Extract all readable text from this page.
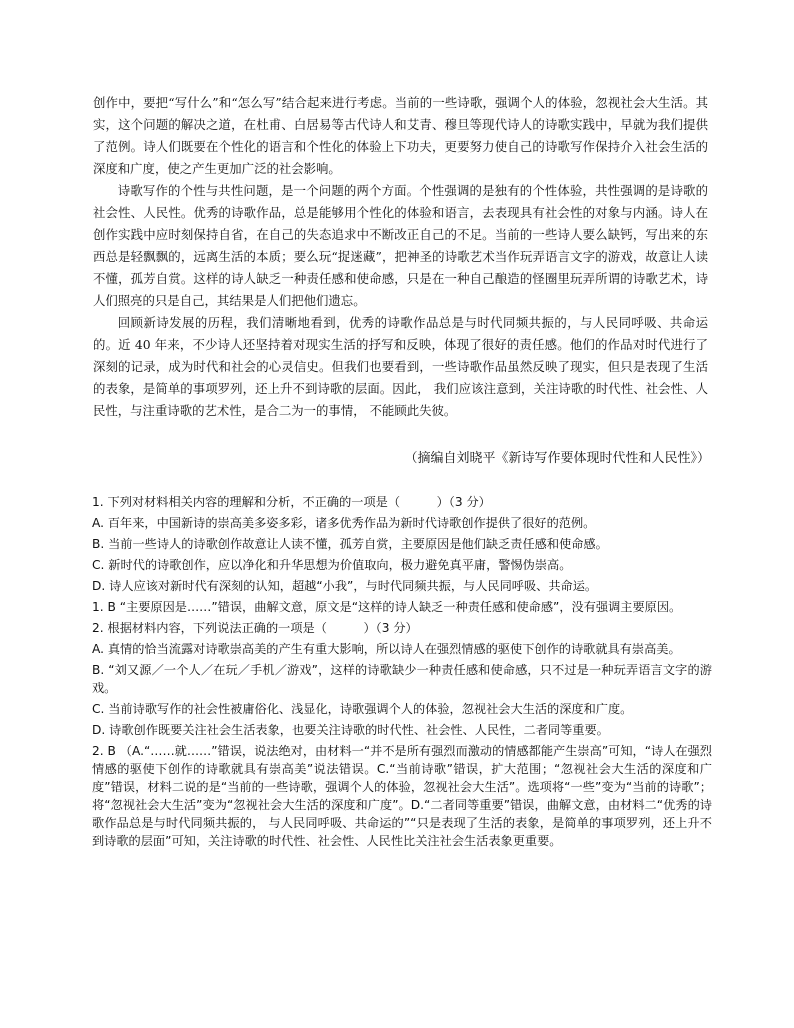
创作中，要把“写什么”和“怎么写”结合起来进行考虑。当前的一些诗歌，强调个人的体验，忽视社会大生活。其实，这个问题的解决之道，在杜甫、白居易等古代诗人和艾青、穆旦等现代诗人的诗歌实践中，早就为我们提供了范例。诗人们既要在个性化的语言和个性化的体验上下功夫，更要努力使自己的诗歌写作保持介入社会生活的深度和广度，使之产生更加广泛的社会影响。

诗歌写作的个性与共性问题，是一个问题的两个方面。个性强调的是独有的个性体验，共性强调的是诗歌的社会性、人民性。优秀的诗歌作品，总是能够用个性化的体验和语言，去表现具有社会性的对象与内涵。诗人在创作实践中应时刻保持自省，在自己的失态追求中不断改正自己的不足。当前的一些诗人要么缺钙，写出来的东西总是轻飘飘的，远离生活的本质；要么玩“捉迷藏”，把神圣的诗歌艺术当作玩弄语言文字的游戏，故意让人读不懂，孤芳自赏。这样的诗人缺乏一种责任感和使命感，只是在一种自己酿造的怪圈里玩弄所谓的诗歌艺术，诗人们照亮的只是自己，其结果是人们把他们遗忘。

回顾新诗发展的历程，我们清晰地看到，优秀的诗歌作品总是与时代同频共振的，与人民同呼吸、共命运的。近 40 年来，不少诗人还坚持着对现实生活的抒写和反映，体现了很好的责任感。他们的作品对时代进行了深刻的记录，成为时代和社会的心灵信史。但我们也要看到，一些诗歌作品虽然反映了现实，但只是表现了生活的表象，是简单的事项罗列，还上升不到诗歌的层面。因此， 我们应该注意到，关注诗歌的时代性、社会性、人民性，与注重诗歌的艺术性，是合二为一的事情， 不能顾此失彼。

（摘编自刘晓平《新诗写作要体现时代性和人民性》）

1. 下列对材料相关内容的理解和分析，不正确的一项是（　　　）（3 分）

A. 百年来，中国新诗的崇高美多姿多彩，诸多优秀作品为新时代诗歌创作提供了很好的范例。

B. 当前一些诗人的诗歌创作故意让人读不懂，孤芳自赏，主要原因是他们缺乏责任感和使命感。

C. 新时代的诗歌创作，应以净化和升华思想为价值取向，极力避免真平庸，警惕伪崇高。

D. 诗人应该对新时代有深刻的认知，超越“小我”，与时代同频共振，与人民同呼吸、共命运。

1. B “主要原因是……”错误，曲解文意，原文是“这样的诗人缺乏一种责任感和使命感”，没有强调主要原因。

2. 根据材料内容，下列说法正确的一项是（　　　）（3 分）

A. 真情的恰当流露对诗歌崇高美的产生有重大影响，所以诗人在强烈情感的驱使下创作的诗歌就具有崇高美。

B. “刘又源／一个人／在玩／手机／游戏”，这样的诗歌缺少一种责任感和使命感，只不过是一种玩弄语言文字的游戏。

C. 当前诗歌写作的社会性被庸俗化、浅显化，诗歌强调个人的体验，忽视社会大生活的深度和广度。

D. 诗歌创作既要关注社会生活表象，也要关注诗歌的时代性、社会性、人民性，二者同等重要。

2. B （A.“……就……”错误，说法绝对，由材料一“并不是所有强烈而激动的情感都能产生崇高”可知，“诗人在强烈情感的驱使下创作的诗歌就具有崇高美”说法错误。C.“当前诗歌”错误，扩大范围；“忽视社会大生活的深度和广度”错误，材料二说的是“当前的一些诗歌，强调个人的体验，忽视社会大生活”。选项将“一些”变为“当前的诗歌”；将“忽视社会大生活”变为“忽视社会大生活的深度和广度”。D.“二者同等重要”错误，曲解文意，由材料二“优秀的诗歌作品总是与时代同频共振的， 与人民同呼吸、共命运的”“只是表现了生活的表象，是简单的事项罗列，还上升不到诗歌的层面”可知，关注诗歌的时代性、社会性、人民性比关注社会生活表象更重要。
